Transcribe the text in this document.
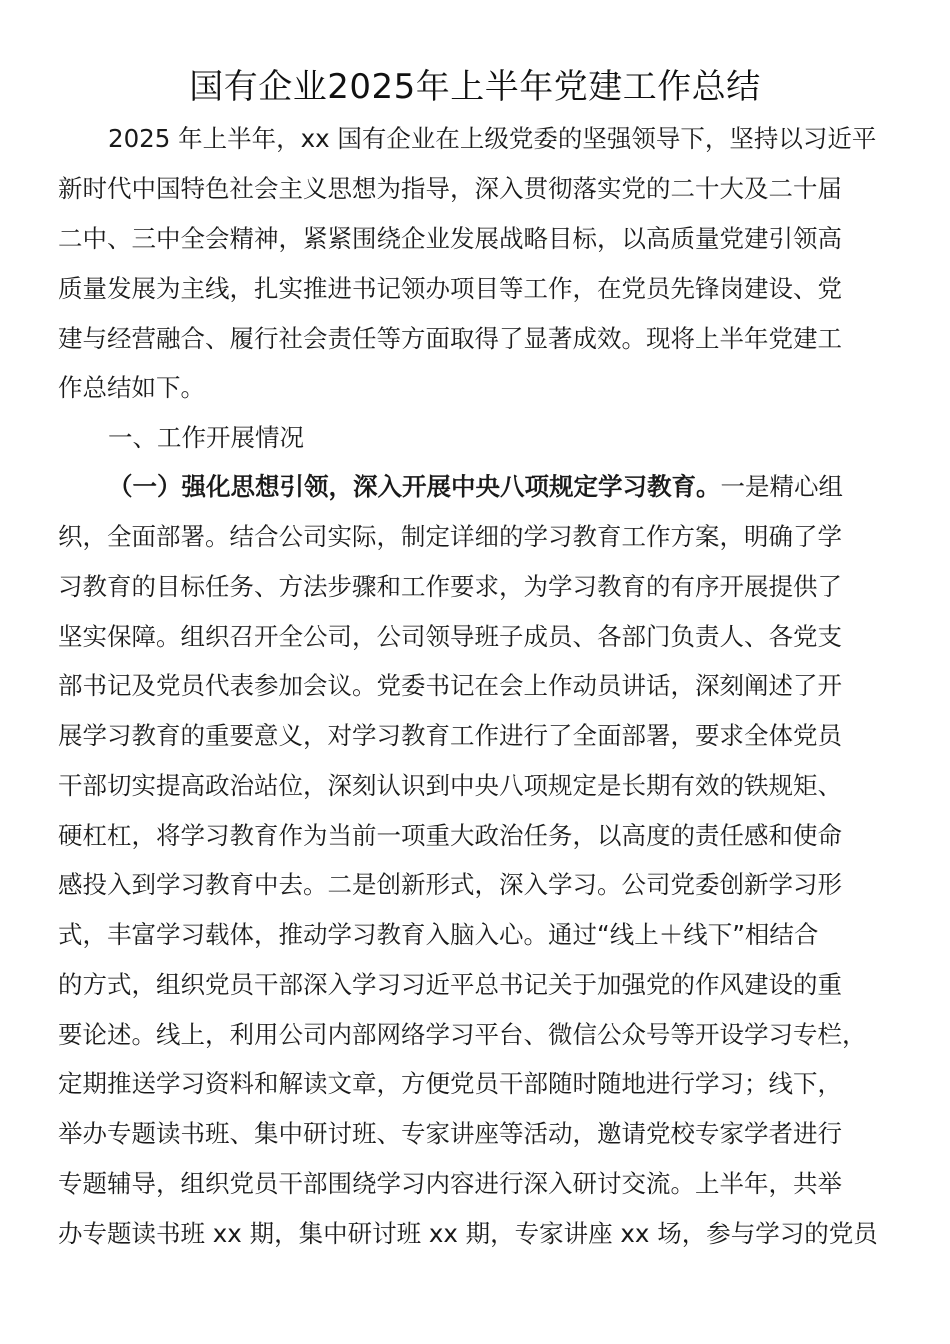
国有企业2025年上半年党建工作总结
2025 年上半年，xx 国有企业在上级党委的坚强领导下，坚持以习近平
新时代中国特色社会主义思想为指导，深入贯彻落实党的二十大及二十届
二中、三中全会精神，紧紧围绕企业发展战略目标，以高质量党建引领高
质量发展为主线，扎实推进书记领办项目等工作，在党员先锋岗建设、党
建与经营融合、履行社会责任等方面取得了显著成效。现将上半年党建工
作总结如下。
一、工作开展情况
（一）强化思想引领，深入开展中央八项规定学习教育。一是精心组
织，全面部署。结合公司实际，制定详细的学习教育工作方案，明确了学
习教育的目标任务、方法步骤和工作要求，为学习教育的有序开展提供了
坚实保障。组织召开全公司，公司领导班子成员、各部门负责人、各党支
部书记及党员代表参加会议。党委书记在会上作动员讲话，深刻阐述了开
展学习教育的重要意义，对学习教育工作进行了全面部署，要求全体党员
干部切实提高政治站位，深刻认识到中央八项规定是长期有效的铁规矩、
硬杠杠，将学习教育作为当前一项重大政治任务，以高度的责任感和使命
感投入到学习教育中去。二是创新形式，深入学习。公司党委创新学习形
式，丰富学习载体，推动学习教育入脑入心。通过“线上＋线下”相结合
的方式，组织党员干部深入学习习近平总书记关于加强党的作风建设的重
要论述。线上，利用公司内部网络学习平台、微信公众号等开设学习专栏，
定期推送学习资料和解读文章，方便党员干部随时随地进行学习；线下，
举办专题读书班、集中研讨班、专家讲座等活动，邀请党校专家学者进行
专题辅导，组织党员干部围绕学习内容进行深入研讨交流。上半年，共举
办专题读书班 xx 期，集中研讨班 xx 期，专家讲座 xx 场，参与学习的党员
